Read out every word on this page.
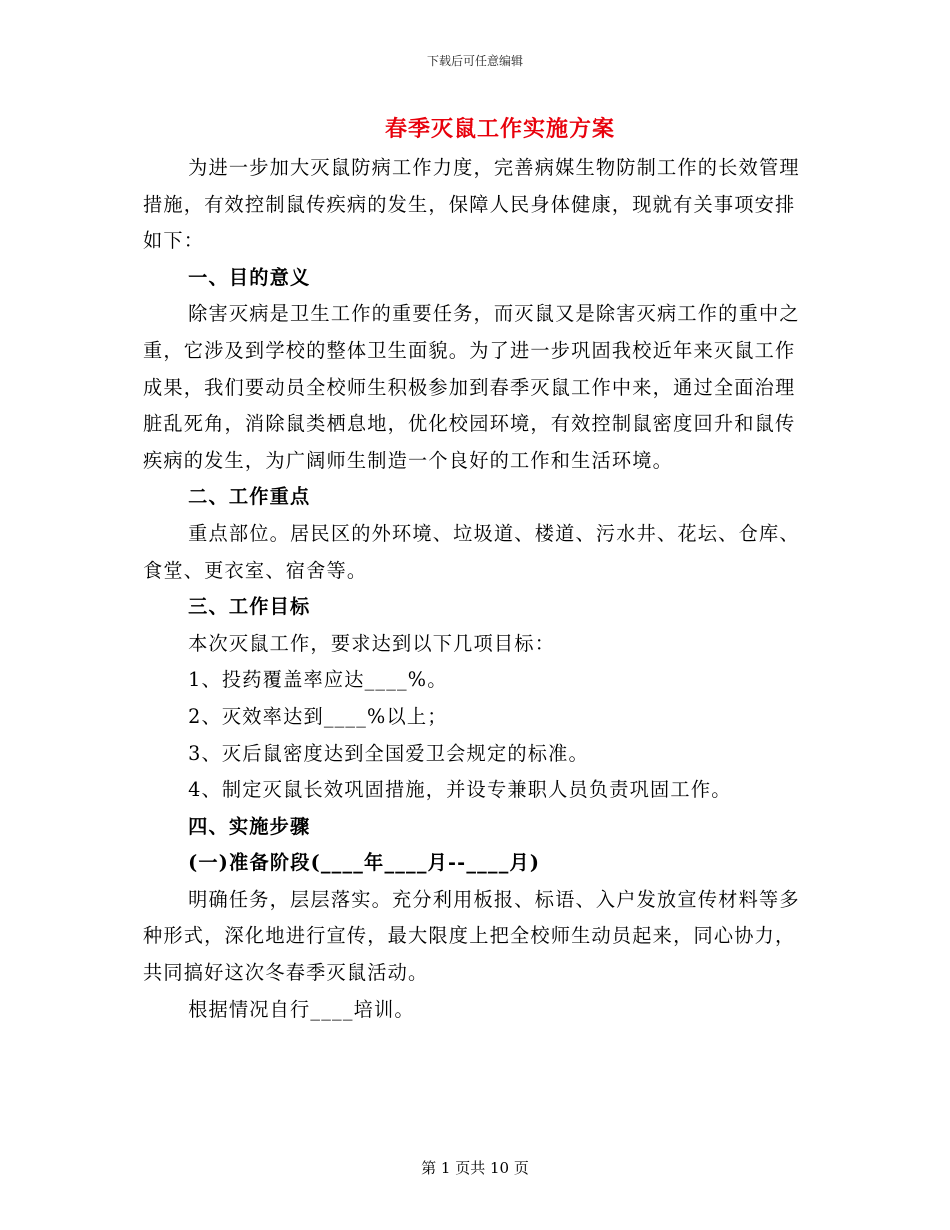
下载后可任意编辑
春季灭鼠工作实施方案

为进一步加大灭鼠防病工作力度，完善病媒生物防制工作的长效管理措施，有效控制鼠传疾病的发生，保障人民身体健康，现就有关事项安排如下：

一、目的意义

除害灭病是卫生工作的重要任务，而灭鼠又是除害灭病工作的重中之重，它涉及到学校的整体卫生面貌。为了进一步巩固我校近年来灭鼠工作成果，我们要动员全校师生积极参加到春季灭鼠工作中来，通过全面治理脏乱死角，消除鼠类栖息地，优化校园环境，有效控制鼠密度回升和鼠传疾病的发生，为广阔师生制造一个良好的工作和生活环境。

二、工作重点

重点部位。居民区的外环境、垃圾道、楼道、污水井、花坛、仓库、食堂、更衣室、宿舍等。

三、工作目标

本次灭鼠工作，要求达到以下几项目标：

1、投药覆盖率应达____%。

2、灭效率达到____%以上；

3、灭后鼠密度达到全国爱卫会规定的标准。

4、制定灭鼠长效巩固措施，并设专兼职人员负责巩固工作。

四、实施步骤

(一)准备阶段(____年____月--____月)

明确任务，层层落实。充分利用板报、标语、入户发放宣传材料等多种形式，深化地进行宣传，最大限度上把全校师生动员起来，同心协力，共同搞好这次冬春季灭鼠活动。

根据情况自行____培训。

第 1 页共 10 页
